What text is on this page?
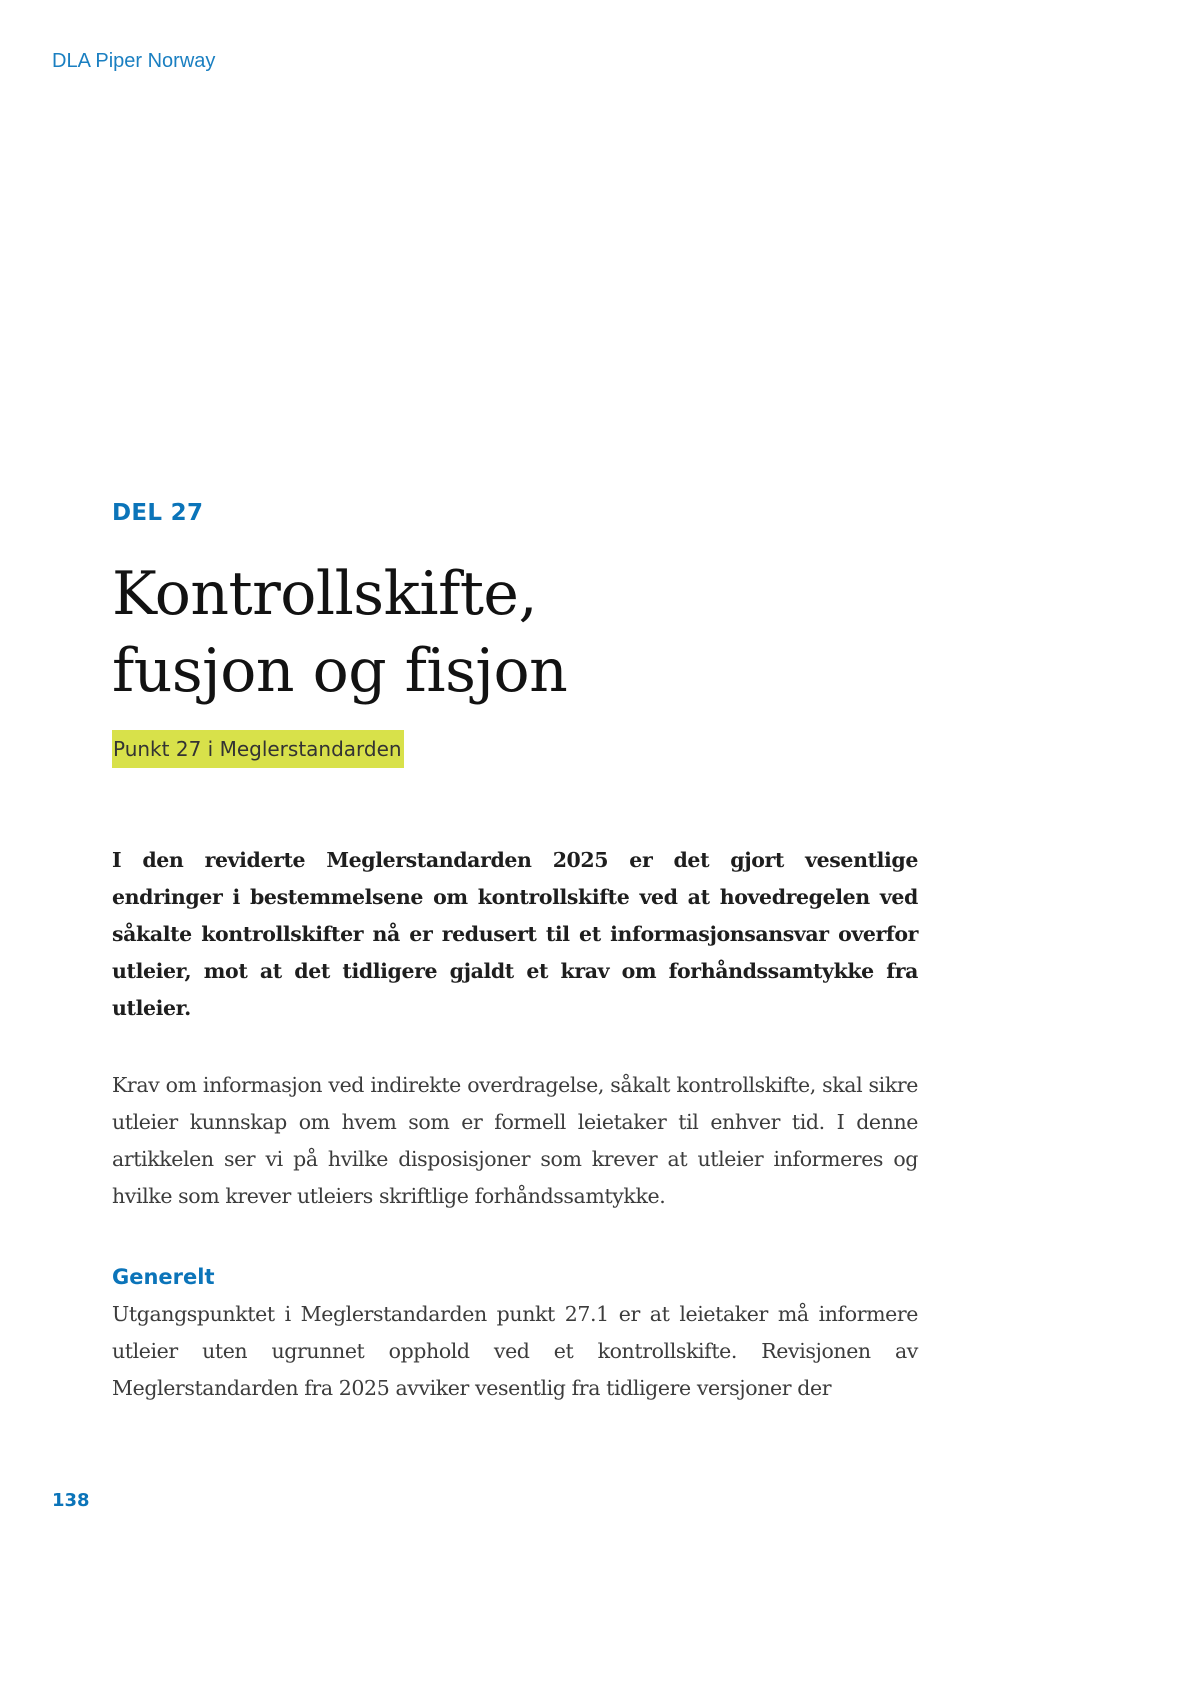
DLA Piper Norway
DEL 27
Kontrollskifte,
fusjon og fisjon
Punkt 27 i Meglerstandarden

I den reviderte Meglerstandarden 2025 er det gjort vesentlige endringer i bestemmelsene om kontrollskifte ved at hovedregelen ved såkalte kontrollskifter nå er redusert til et informasjonsansvar overfor utleier, mot at det tidligere gjaldt et krav om forhåndssamtykke fra utleier.

Krav om informasjon ved indirekte overdragelse, såkalt kontrollskifte, skal sikre utleier kunnskap om hvem som er formell leietaker til enhver tid. I denne artikkelen ser vi på hvilke disposisjoner som krever at utleier informeres og hvilke som krever utleiers skriftlige forhåndssamtykke.

Generelt

Utgangspunktet i Meglerstandarden punkt 27.1 er at leietaker må informere utleier uten ugrunnet opphold ved et kontrollskifte. Revisjonen av Meglerstandarden fra 2025 avviker vesentlig fra tidligere versjoner der

138
